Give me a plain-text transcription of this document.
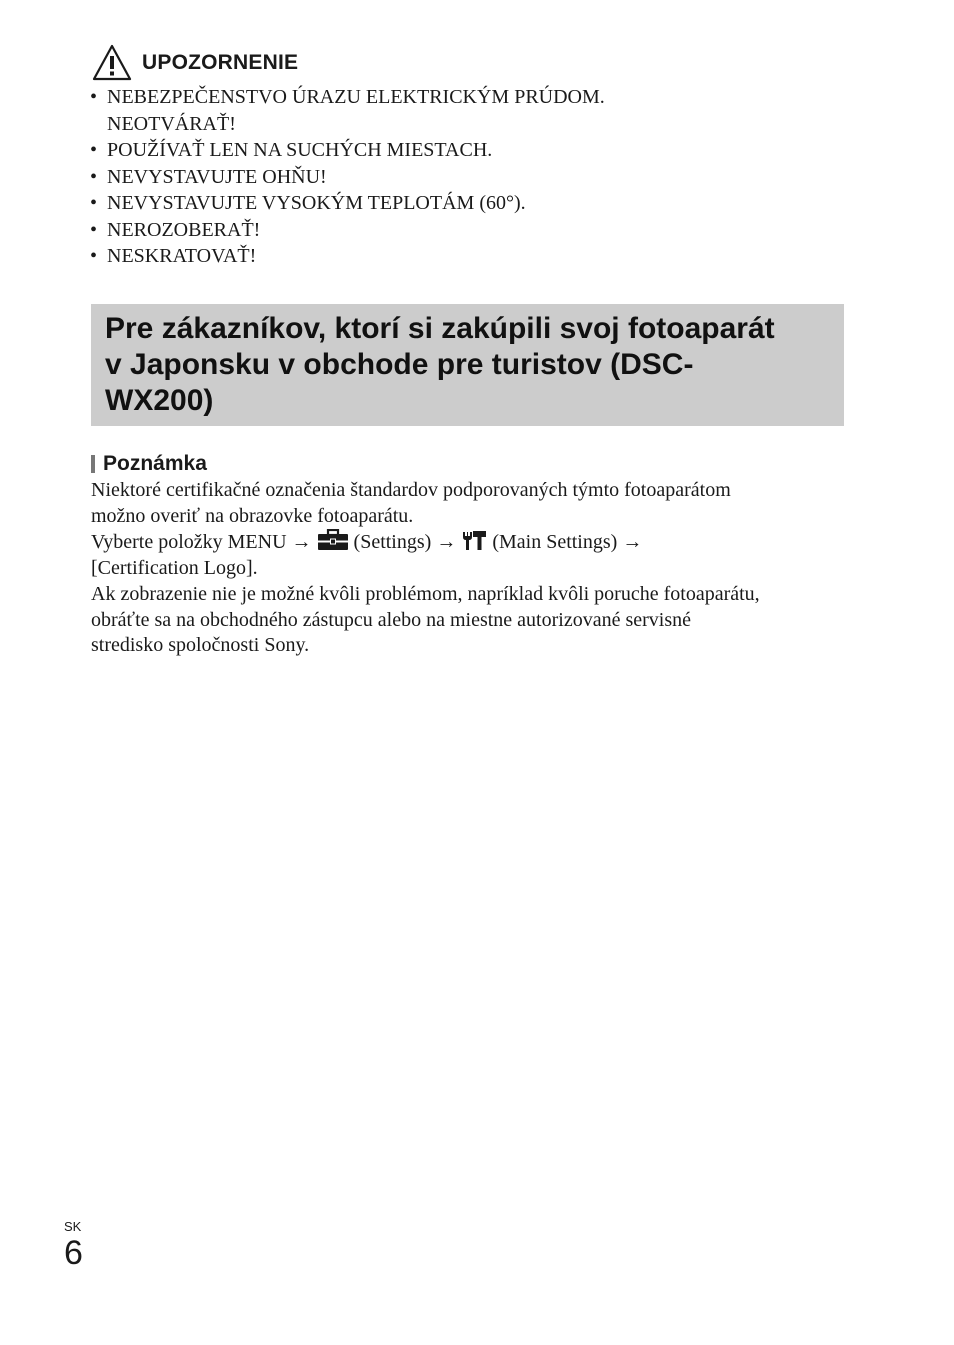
UPOZORNENIE
• NEBEZPEČENSTVO ÚRAZU ELEKTRICKÝM PRÚDOM.
NEOTVÁRAŤ!
• POUŽÍVAŤ LEN NA SUCHÝCH MIESTACH.
• NEVYSTAVUJTE OHŇU!
• NEVYSTAVUJTE VYSOKÝM TEPLOTÁM (60°).
• NEROZOBERAŤ!
• NESKRATOVAŤ!
Pre zákazníkov, ktorí si zakúpili svoj fotoaparát
v Japonsku v obchode pre turistov (DSC-
WX200)
Poznámka

Niektoré certifikačné označenia štandardov podporovaných týmto fotoaparátom
možno overiť na obrazovke fotoaparátu.
Vyberte položky MENU → (Settings) → (Main Settings) →
[Certification Logo].
Ak zobrazenie nie je možné kvôli problémom, napríklad kvôli poruche fotoaparátu,
obráťte sa na obchodného zástupcu alebo na miestne autorizované servisné
stredisko spoločnosti Sony.

SK
6
